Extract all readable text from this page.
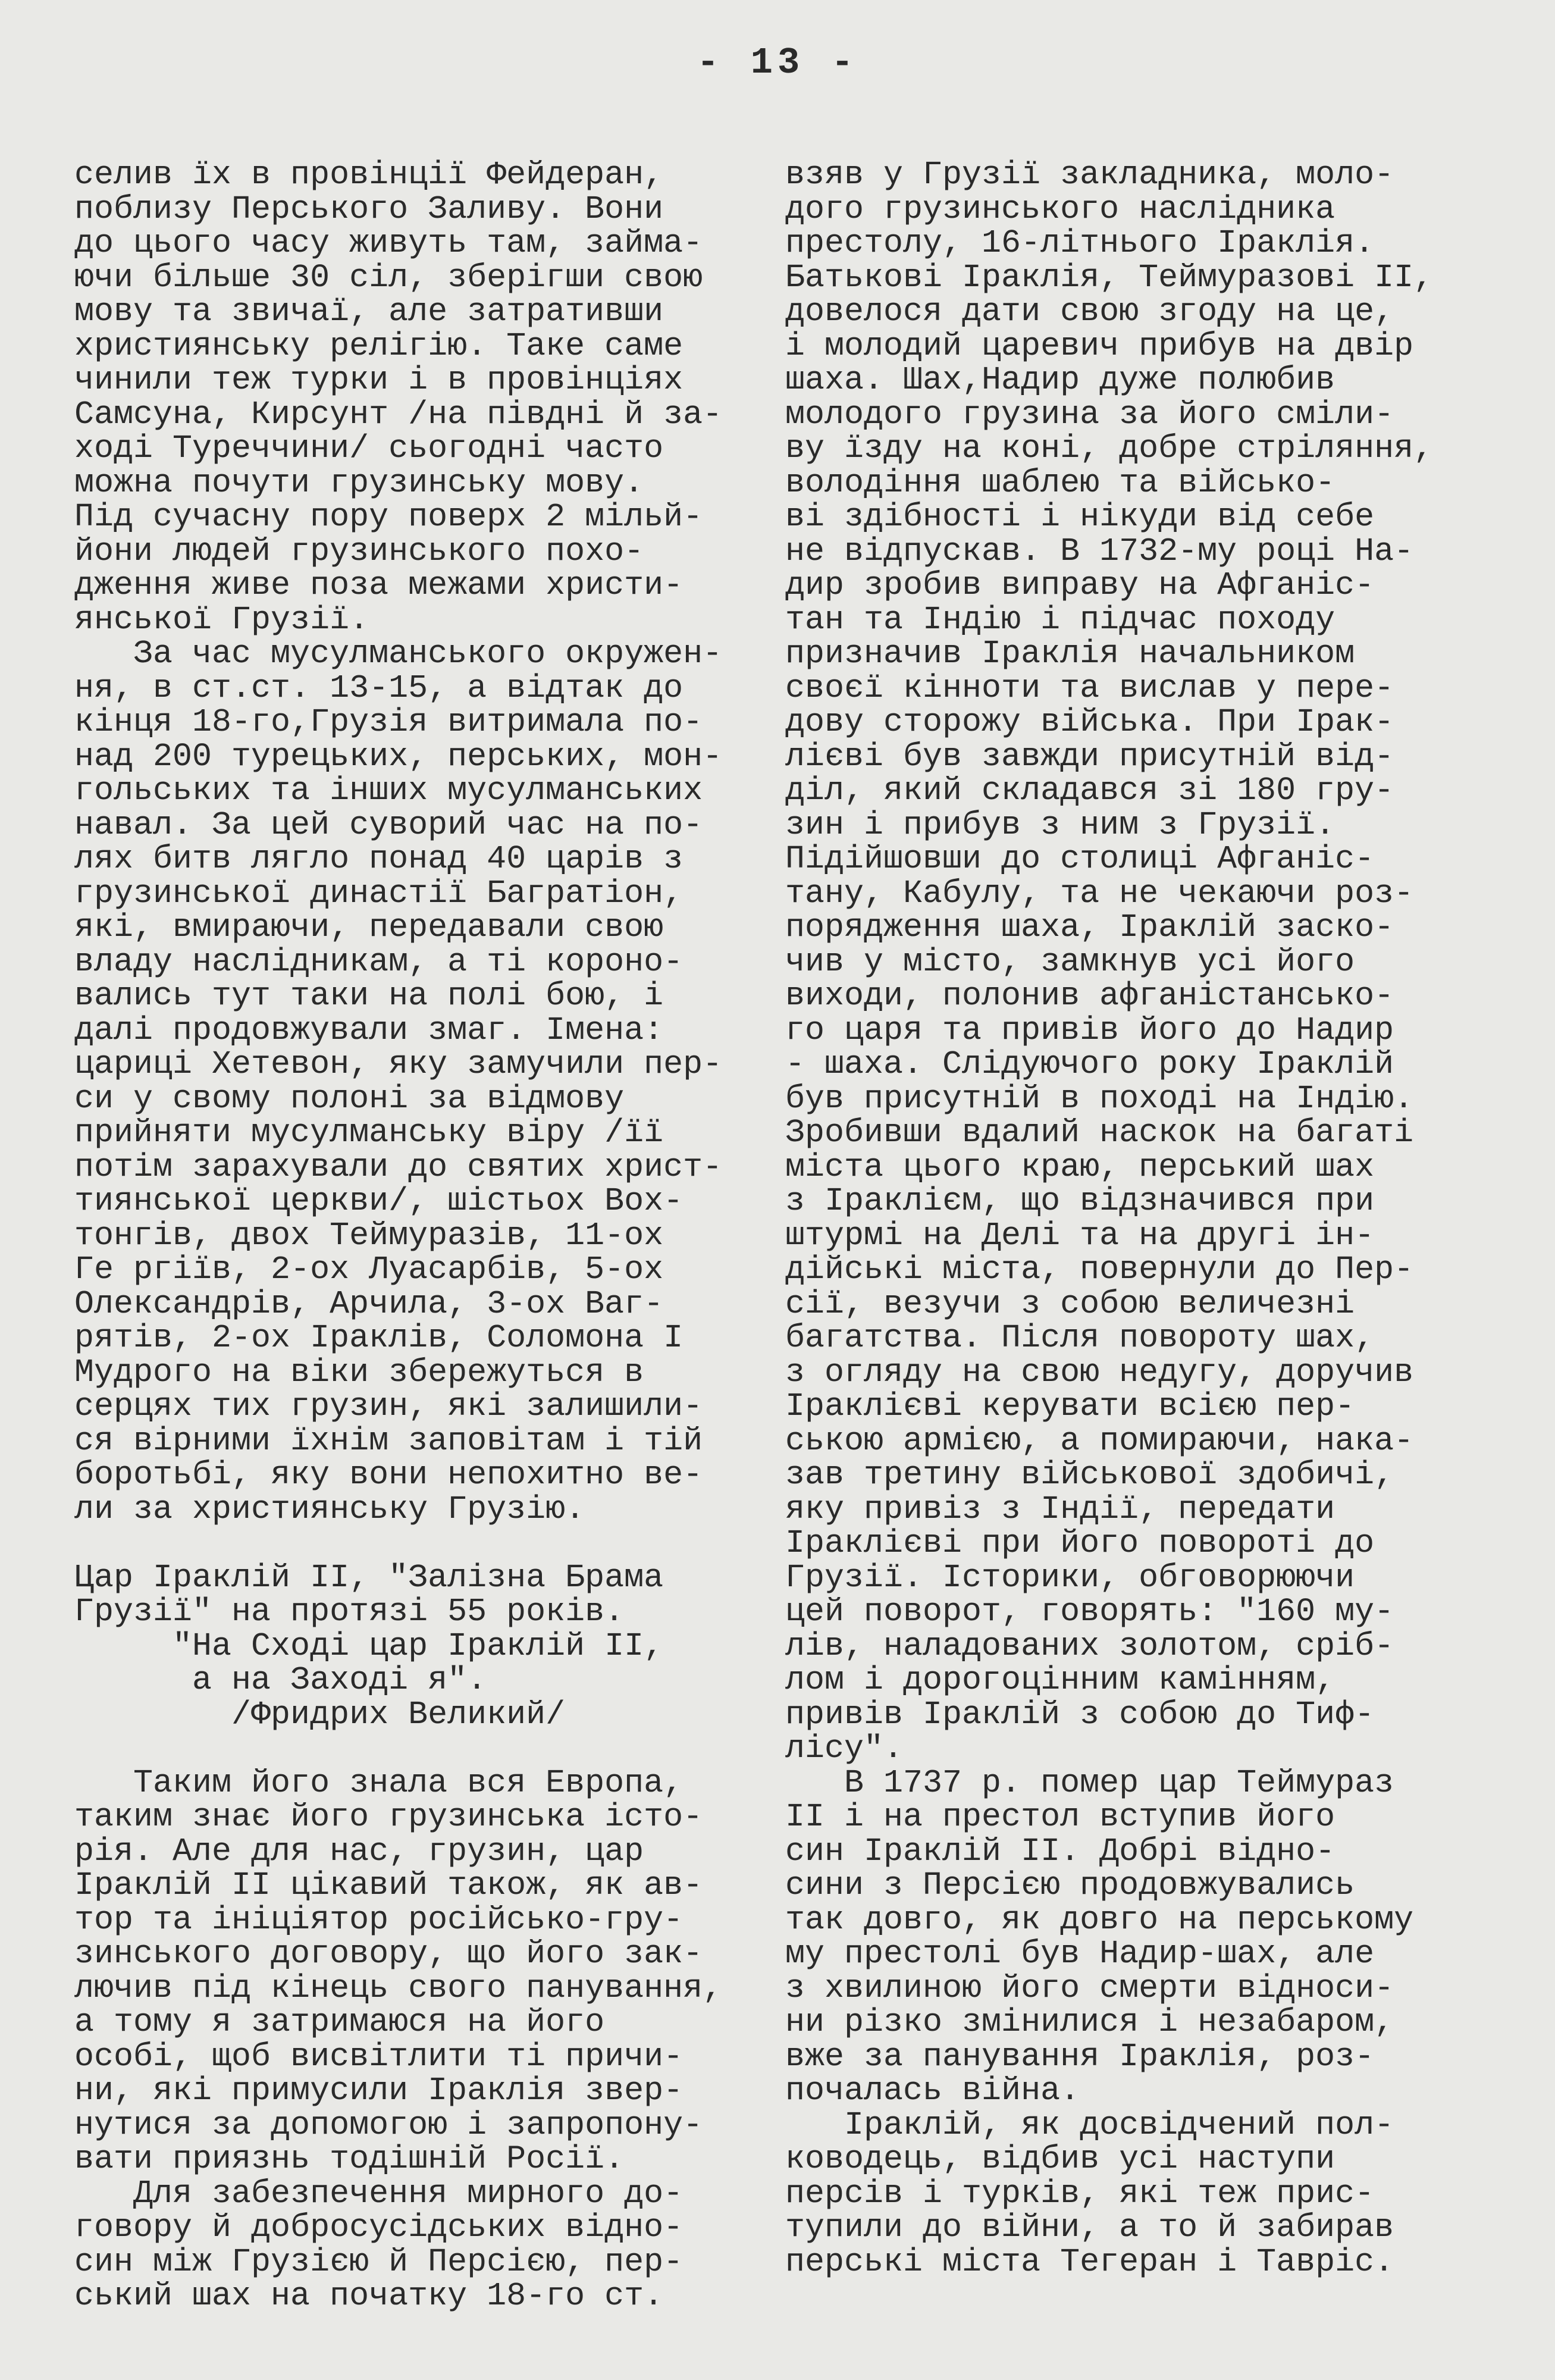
- 13 -
селив їх в провінції Фейдеран,
поблизу Перського Заливу. Вони
до цього часу живуть там, займа-
ючи більше 30 сіл, зберігши свою
мову та звичаї, але затративши
християнську релігію. Таке саме
чинили теж турки і в провінціях
Самсуна, Кирсунт /на півдні й за-
ході Туреччини/ сьогодні часто
можна почути грузинську мову.
Під сучасну пору поверх 2 мільй-
йони людей грузинського похо-
дження живе поза межами христи-
янської Грузії.
За час мусулманського окружен-
ня, в ст.ст. 13-15, а відтак до
кінця 18-го,Грузія витримала по-
над 200 турецьких, перських, мон-
гольських та інших мусулманських
навал. За цей суворий час на по-
лях битв лягло понад 40 царів з
грузинської династії Багратіон,
які, вмираючи, передавали свою
владу наслідникам, а ті короно-
вались тут таки на полі бою, і
далі продовжували змаг. Імена:
цариці Хетевон, яку замучили пер-
си у свому полоні за відмову
прийняти мусулманську віру /її
потім зарахували до святих христ-
тиянської церкви/, шістьох Вох-
тонгів, двох Теймуразів, 11-ох
Ге ргіїв, 2-ох Луасарбів, 5-ох
Олександрів, Арчила, 3-ох Ваг-
рятів, 2-ох Іраклів, Соломона І
Мудрого на віки збережуться в
серцях тих грузин, які залишили-
ся вірними їхнім заповітам і тій
боротьбі, яку вони непохитно ве-
ли за християнську Грузію.
Цар Іраклій ІІ, "Залізна Брама
Грузії" на протязі 55 років.
"На Сході цар Іраклій ІІ,
а на Заході я".
/Фридрих Великий/
Таким його знала вся Европа,
таким знає його грузинська істо-
рія. Але для нас, грузин, цар
Іраклій ІІ цікавий також, як ав-
тор та ініціятор російсько-гру-
зинського договору, що його зак-
лючив під кінець свого панування,
а тому я затримаюся на його
особі, щоб висвітлити ті причи-
ни, які примусили Іраклія звер-
нутися за допомогою і запропону-
вати приязнь тодішній Росії.
Для забезпечення мирного до-
говору й добросусідських відно-
син між Грузією й Персією, пер-
ський шах на початку 18-го ст.
взяв у Грузії закладника, моло-
дого грузинського наслідника
престолу, 16-літнього Іраклія.
Батькові Іраклія, Теймуразові ІІ,
довелося дати свою згоду на це,
і молодий царевич прибув на двір
шаха. Шах,Надир дуже полюбив
молодого грузина за його сміли-
ву їзду на коні, добре стріляння,
володіння шаблею та військо-
ві здібності і нікуди від себе
не відпускав. В 1732-му році На-
дир зробив виправу на Афганіс-
тан та Індію і підчас походу
призначив Іраклія начальником
своєї кінноти та вислав у пере-
дову сторожу війська. При Ірак-
лієві був завжди присутній від-
діл, який складався зі 180 гру-
зин і прибув з ним з Грузії.
Підійшовши до столиці Афганіс-
тану, Кабулу, та не чекаючи роз-
порядження шаха, Іраклій заско-
чив у місто, замкнув усі його
виходи, полонив афганістансько-
го царя та привів його до Надир
- шаха. Слідуючого року Іраклій
був присутній в поході на Індію.
Зробивши вдалий наскок на багаті
міста цього краю, перський шах
з Іраклієм, що відзначився при
штурмі на Делі та на другі ін-
дійські міста, повернули до Пер-
сії, везучи з собою величезні
багатства. Після повороту шах,
з огляду на свою недугу, доручив
Іраклієві керувати всією пер-
ською армією, а помираючи, нака-
зав третину військової здобичі,
яку привіз з Індії, передати
Іраклієві при його повороті до
Грузії. Історики, обговорюючи
цей поворот, говорять: "160 му-
лів, наладованих золотом, сріб-
лом і дорогоцінним камінням,
привів Іраклій з собою до Тиф-
лісу".
В 1737 р. помер цар Теймураз
ІІ і на престол вступив його
син Іраклій ІІ. Добрі відно-
сини з Персією продовжувались
так довго, як довго на перському
му престолі був Надир-шах, але
з хвилиною його смерти відноси-
ни різко змінилися і незабаром,
вже за панування Іраклія, роз-
почалась війна.
Іраклій, як досвідчений пол-
ководець, відбив усі наступи
персів і турків, які теж прис-
тупили до війни, а то й забирав
перські міста Тегеран і Тавріс.
